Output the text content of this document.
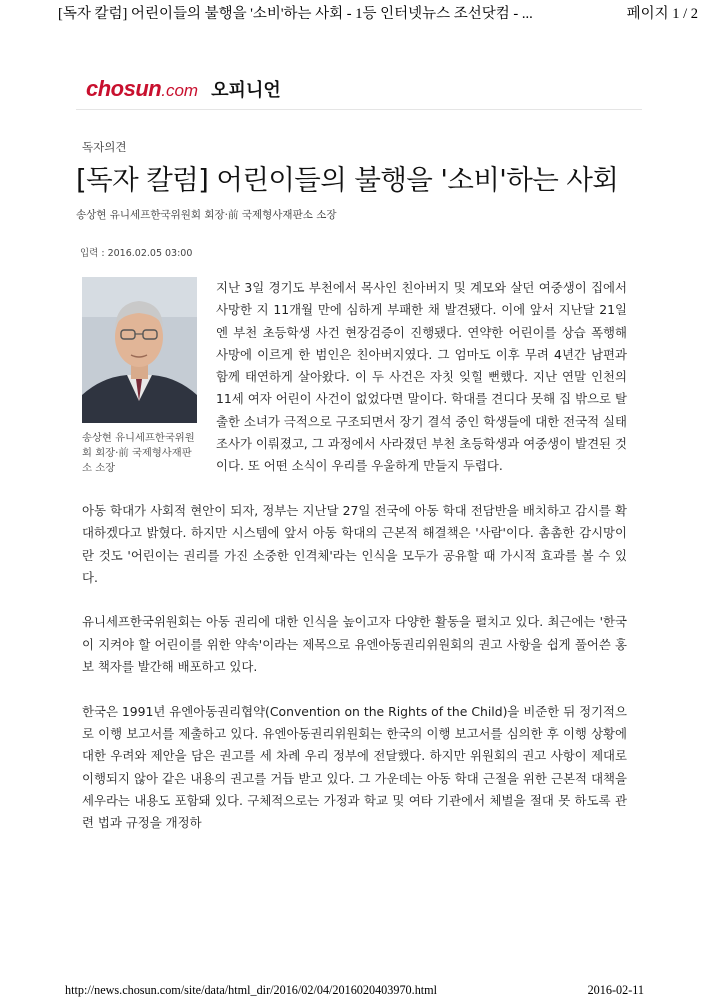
[독자 칼럼] 어린이들의 불행을 '소비'하는 사회 - 1등 인터넷뉴스 조선닷컴 - ...	페이지 1 / 2
chosun.com 오피니언
독자의견
[독자 칼럼] 어린이들의 불행을 '소비'하는 사회
송상현 유니세프한국위원회 회장·前 국제형사재판소 소장
입력 : 2016.02.05 03:00
송상현 유니세프한국위원회 회장·前 국제형사재판소 소장

지난 3일 경기도 부천에서 목사인 친아버지 및 계모와 살던 여중생이 집에서 사망한 지 11개월 만에 심하게 부패한 채 발견됐다. 이에 앞서 지난달 21일엔 부천 초등학생 사건 현장검증이 진행됐다. 연약한 어린이를 상습 폭행해 사망에 이르게 한 범인은 친아버지였다. 그 엄마도 이후 무려 4년간 남편과 함께 태연하게 살아왔다. 이 두 사건은 자칫 잊힐 뻔했다. 지난 연말 인천의 11세 여자 어린이 사건이 없었다면 말이다. 학대를 견디다 못해 집 밖으로 탈출한 소녀가 극적으로 구조되면서 장기 결석 중인 학생들에 대한 전국적 실태조사가 이뤄졌고, 그 과정에서 사라졌던 부천 초등학생과 여중생이 발견된 것이다. 또 어떤 소식이 우리를 우울하게 만들지 두렵다.

아동 학대가 사회적 현안이 되자, 정부는 지난달 27일 전국에 아동 학대 전담반을 배치하고 감시를 확대하겠다고 밝혔다. 하지만 시스템에 앞서 아동 학대의 근본적 해결책은 '사람'이다. 촘촘한 감시망이란 것도 '어린이는 권리를 가진 소중한 인격체'라는 인식을 모두가 공유할 때 가시적 효과를 볼 수 있다.

유니세프한국위원회는 아동 권리에 대한 인식을 높이고자 다양한 활동을 펼치고 있다. 최근에는 '한국이 지켜야 할 어린이를 위한 약속'이라는 제목으로 유엔아동권리위원회의 권고 사항을 쉽게 풀어쓴 홍보 책자를 발간해 배포하고 있다.

한국은 1991년 유엔아동권리협약(Convention on the Rights of the Child)을 비준한 뒤 정기적으로 이행 보고서를 제출하고 있다. 유엔아동권리위원회는 한국의 이행 보고서를 심의한 후 이행 상황에 대한 우려와 제안을 담은 권고를 세 차례 우리 정부에 전달했다. 하지만 위원회의 권고 사항이 제대로 이행되지 않아 같은 내용의 권고를 거듭 받고 있다. 그 가운데는 아동 학대 근절을 위한 근본적 대책을 세우라는 내용도 포함돼 있다. 구체적으로는 가정과 학교 및 여타 기관에서 체벌을 절대 못 하도록 관련 법과 규정을 개정하

http://news.chosun.com/site/data/html_dir/2016/02/04/2016020403970.html	2016-02-11
